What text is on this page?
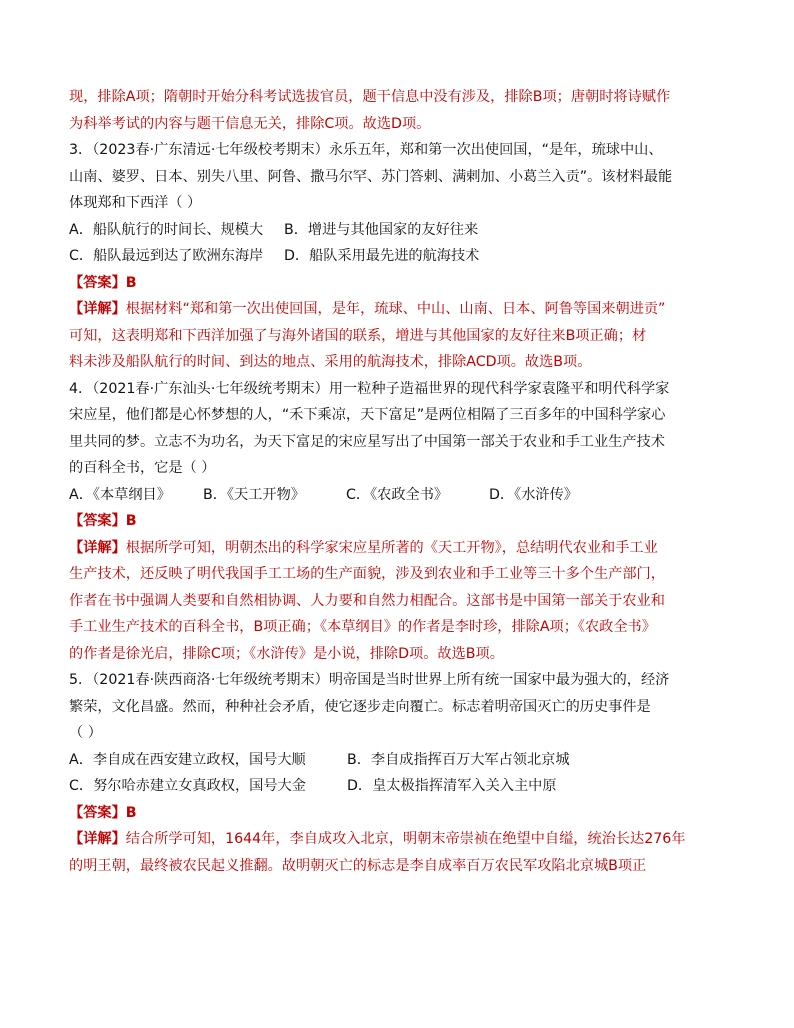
现，排除A项；隋朝时开始分科考试选拔官员，题干信息中没有涉及，排除B项；唐朝时将诗赋作
为科举考试的内容与题干信息无关，排除C项。故选D项。
3．（2023春·广东清远·七年级校考期末）永乐五年，郑和第一次出使回国，“是年，琉球中山、
山南、婆罗、日本、别失八里、阿鲁、撒马尔罕、苏门答剌、满剌加、小葛兰入贡”。该材料最能
体现郑和下西洋（ ）
A．船队航行的时间长、规模大	B．增进与其他国家的友好往来
C．船队最远到达了欧洲东海岸	D．船队采用最先进的航海技术
【答案】B
【详解】根据材料“郑和第一次出使回国，是年，琉球、中山、山南、日本、阿鲁等国来朝进贡”
可知，这表明郑和下西洋加强了与海外诸国的联系，增进与其他国家的友好往来B项正确；材
料未涉及船队航行的时间、到达的地点、采用的航海技术，排除ACD项。故选B项。
4．（2021春·广东汕头·七年级统考期末）用一粒种子造福世界的现代科学家袁隆平和明代科学家
宋应星，他们都是心怀梦想的人，“禾下乘凉，天下富足”是两位相隔了三百多年的中国科学家心
里共同的梦。立志不为功名，为天下富足的宋应星写出了中国第一部关于农业和手工业生产技术
的百科全书，它是（ ）
A．《本草纲目》	B．《天工开物》	C．《农政全书》	D．《水浒传》
【答案】B
【详解】根据所学可知，明朝杰出的科学家宋应星所著的《天工开物》，总结明代农业和手工业
生产技术，还反映了明代我国手工工场的生产面貌，涉及到农业和手工业等三十多个生产部门，
作者在书中强调人类要和自然相协调、人力要和自然力相配合。这部书是中国第一部关于农业和
手工业生产技术的百科全书，B项正确；《本草纲目》的作者是李时珍，排除A项；《农政全书》
的作者是徐光启，排除C项；《水浒传》是小说，排除D项。故选B项。
5．（2021春·陕西商洛·七年级统考期末）明帝国是当时世界上所有统一国家中最为强大的，经济
繁荣，文化昌盛。然而，种种社会矛盾，使它逐步走向覆亡。标志着明帝国灭亡的历史事件是
（ ）
A．李自成在西安建立政权，国号大顺	B．李自成指挥百万大军占领北京城
C．努尔哈赤建立女真政权，国号大金	D．皇太极指挥清军入关入主中原
【答案】B
【详解】结合所学可知，1644年，李自成攻入北京，明朝末帝崇祯在绝望中自缢，统治长达276年
的明王朝，最终被农民起义推翻。故明朝灭亡的标志是李自成率百万农民军攻陷北京城B项正
